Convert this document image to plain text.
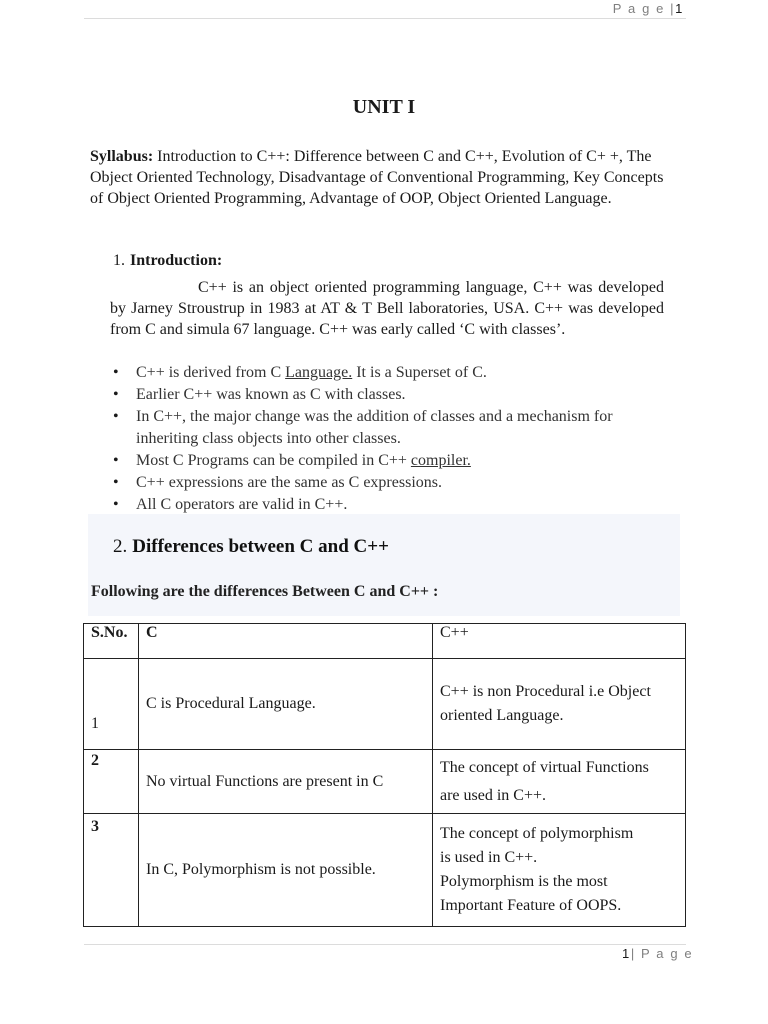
P a g e |1
UNIT I

Syllabus: Introduction to C++: Difference between C and C++, Evolution of C+ +, The Object Oriented Technology, Disadvantage of Conventional Programming, Key Concepts of Object Oriented Programming, Advantage of OOP, Object Oriented Language.

1. Introduction:

C++ is an object oriented programming language, C++ was developed by Jarney Stroustrup in 1983 at AT & T Bell laboratories, USA. C++ was developed from C and simula 67 language. C++ was early called ‘C with classes’.

• C++ is derived from C Language. It is a Superset of C.
• Earlier C++ was known as C with classes.
• In C++, the major change was the addition of classes and a mechanism for inheriting class objects into other classes.
• Most C Programs can be compiled in C++ compiler.
• C++ expressions are the same as C expressions.
• All C operators are valid in C++.

2. Differences between C and C++

Following are the differences Between C and C++ :

S.No.	C	C++
1	C is Procedural Language.	C++ is non Procedural i.e Object
oriented Language.

2	No virtual Functions are present in C	The concept of virtual Functions
are used in C++.

3	In C, Polymorphism is not possible.	The concept of polymorphism
is used in C++.
Polymorphism is the most
Important Feature of OOPS.
1| P a g e
